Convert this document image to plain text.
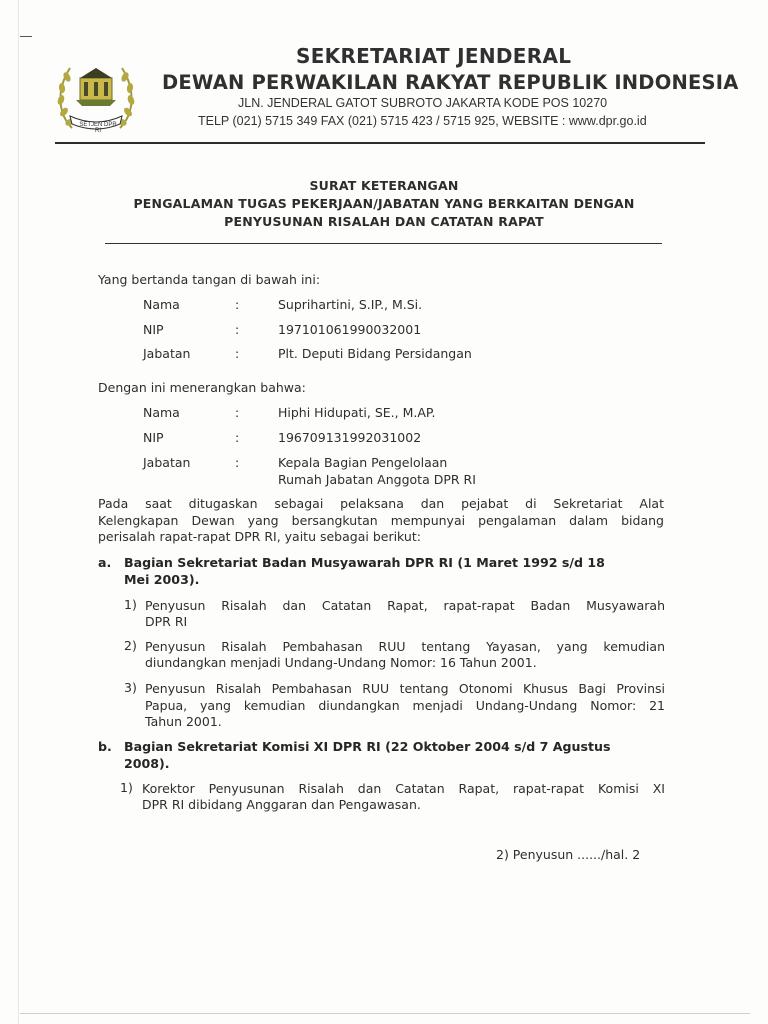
SETJEN DPR RI
SEKRETARIAT JENDERAL
DEWAN PERWAKILAN RAKYAT REPUBLIK INDONESIA
JLN. JENDERAL GATOT SUBROTO JAKARTA KODE POS 10270
TELP (021) 5715 349 FAX (021) 5715 423 / 5715 925, WEBSITE : www.dpr.go.id
SURAT KETERANGAN
PENGALAMAN TUGAS PEKERJAAN/JABATAN YANG BERKAITAN DENGAN
PENYUSUNAN RISALAH DAN CATATAN RAPAT
Yang bertanda tangan di bawah ini:
Nama	:	Suprihartini, S.IP., M.Si.
NIP	:	197101061990032001
Jabatan	:	Plt. Deputi Bidang Persidangan
Dengan ini menerangkan bahwa:
Nama	:	Hiphi Hidupati, SE., M.AP.
NIP	:	196709131992031002
Jabatan	:	Kepala Bagian Pengelolaan
Rumah Jabatan Anggota DPR RI
Pada saat ditugaskan sebagai pelaksana dan pejabat di Sekretariat Alat
Kelengkapan Dewan yang bersangkutan mempunyai pengalaman dalam bidang
perisalah rapat-rapat DPR RI, yaitu sebagai berikut:
a. Bagian Sekretariat Badan Musyawarah DPR RI (1 Maret 1992 s/d 18
Mei 2003).
1) Penyusun Risalah dan Catatan Rapat, rapat-rapat Badan Musyawarah
DPR RI
2) Penyusun Risalah Pembahasan RUU tentang Yayasan, yang kemudian
diundangkan menjadi Undang-Undang Nomor: 16 Tahun 2001.
3) Penyusun Risalah Pembahasan RUU tentang Otonomi Khusus Bagi Provinsi
Papua, yang kemudian diundangkan menjadi Undang-Undang Nomor: 21
Tahun 2001.
b. Bagian Sekretariat Komisi XI DPR RI (22 Oktober 2004 s/d 7 Agustus
2008).
1) Korektor Penyusunan Risalah dan Catatan Rapat, rapat-rapat Komisi XI
DPR RI dibidang Anggaran dan Pengawasan.
2) Penyusun ....../hal. 2
